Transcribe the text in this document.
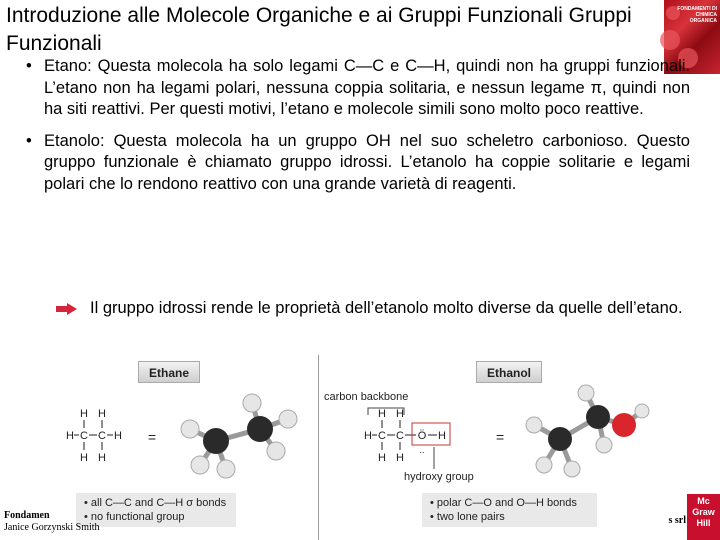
Introduzione alle Molecole Organiche e ai Gruppi Funzionali Gruppi Funzionali
FONDAMENTI DI CHIMICA ORGANICA
• Etano: Questa molecola ha solo legami C—C e C—H, quindi non ha gruppi funzionali. L’etano non ha legami polari, nessuna coppia solitaria, e nessun legame π, quindi non ha siti reattivi. Per questi motivi, l’etano e molecole simili sono molto poco reattive.
• Etanolo: Questa molecola ha un gruppo OH nel suo scheletro carbonioso. Questo gruppo funzionale è chiamato gruppo idrossi. L’etanolo ha coppie solitarie e legami polari che lo rendono reattivo con una grande varietà di reagenti.
Il gruppo idrossi rende le proprietà dell’etanolo molto diverse da quelle dell’etano.
Ethane	Ethanol
H H
H C C H
H H
=
• all C—C and C—H σ bonds
• no functional group
carbon backbone
H H
H C C Ö H
H H
..
hydroxy group
=
• polar C—O and O—H bonds
• two lone pairs
Fondamen
Janice Gorzynski Smith
s srl
Mc
Graw
Hill
